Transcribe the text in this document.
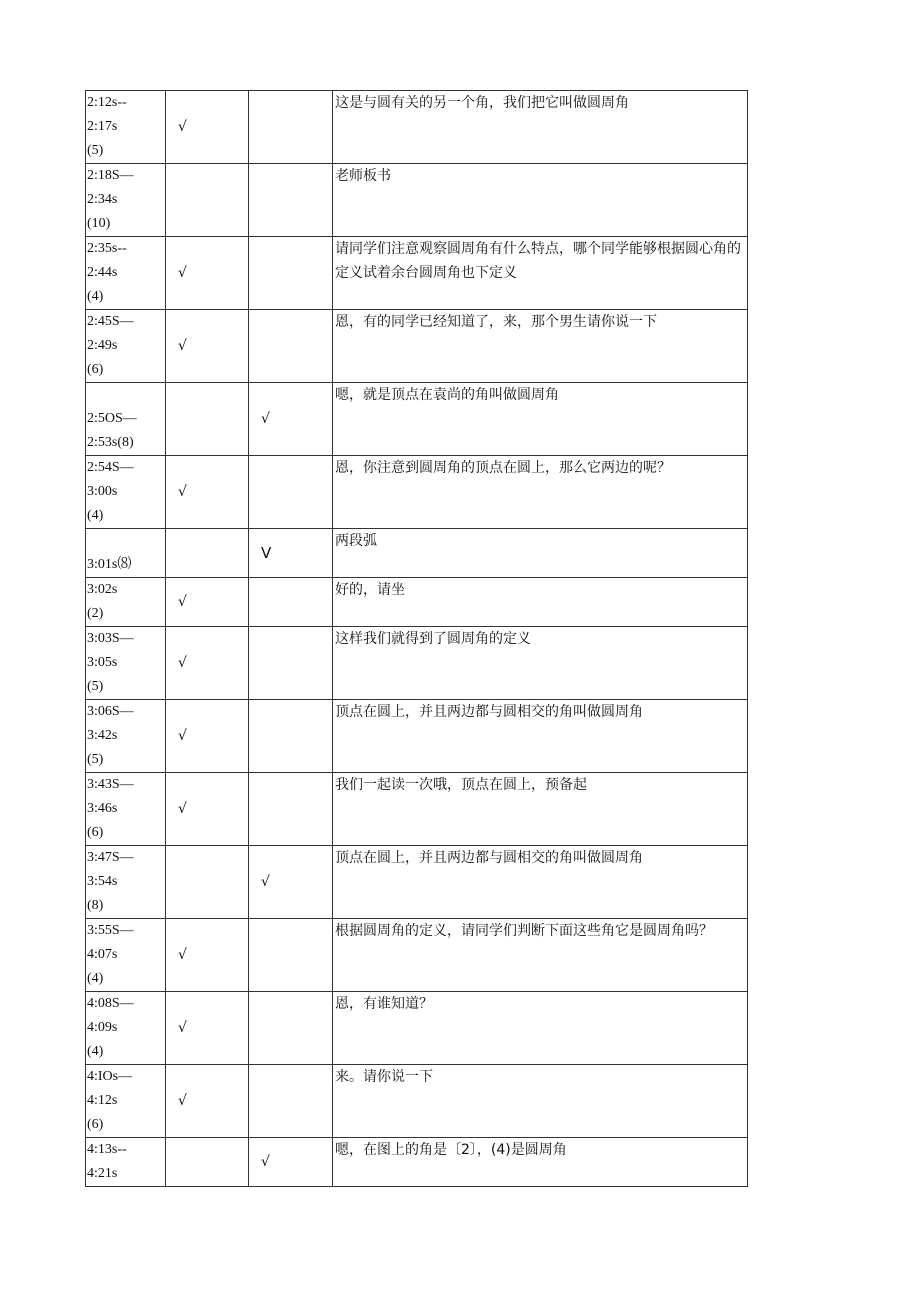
2:12s--
2:17s
(5)	√		这是与圆有关的另一个角，我们把它叫做圆周角
2:18S—
2:34s
(10)			老师板书
2:35s--
2:44s
(4)	√		请同学们注意观察圆周角有什么特点，哪个同学能够根据圆心角的定义试着余台圆周角也下定义
2:45S—
2:49s
(6)	√		恩，有的同学已经知道了，来，那个男生请你说一下
2:5OS—
2:53s(8)		√	嗯，就是顶点在袁尚的角叫做圆周角
2:54S—
3:00s
(4)	√		恩，你注意到圆周角的顶点在圆上，那么它两边的呢？
3:01s⑻		V	两段弧
3:02s
(2)	√		好的，请坐
3:03S—
3:05s
(5)	√		这样我们就得到了圆周角的定义
3:06S—
3:42s
(5)	√		顶点在圆上，并且两边都与圆相交的角叫做圆周角
3:43S—
3:46s
(6)	√		我们一起读一次哦，顶点在圆上，预备起
3:47S—
3:54s
(8)		√	顶点在圆上，并且两边都与圆相交的角叫做圆周角
3:55S—
4:07s
(4)	√		根据圆周角的定义，请同学们判断下面这些角它是圆周角吗？
4:08S—
4:09s
(4)	√		恩，有谁知道？
4:IOs—
4:12s
(6)	√		来。请你说一下
4:13s--
4:21s		√	嗯，在图上的角是〔2〕，(4)是圆周角
